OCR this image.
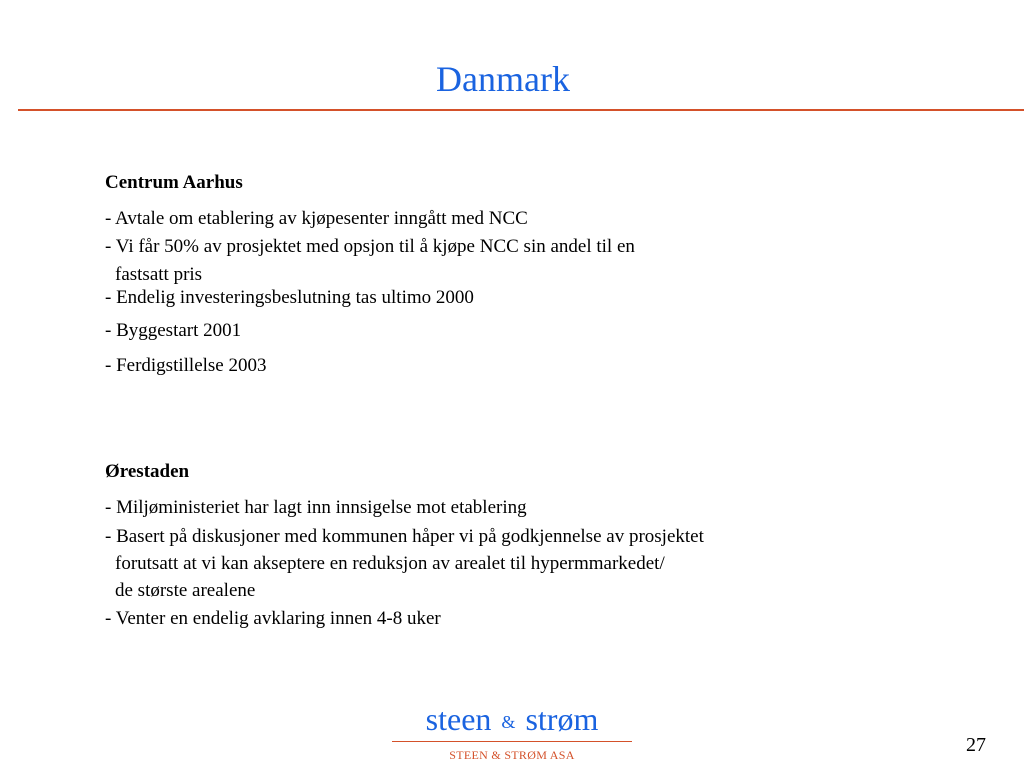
Danmark
Centrum Aarhus
- Avtale om etablering av kjøpesenter inngått med NCC
- Vi får 50% av prosjektet med opsjon til å kjøpe NCC sin andel til en
fastsatt pris
- Endelig investeringsbeslutning tas ultimo 2000
- Byggestart 2001
- Ferdigstillelse 2003
Ørestaden
- Miljøministeriet har lagt inn innsigelse mot etablering
- Basert på diskusjoner med kommunen håper vi på godkjennelse av prosjektet
forutsatt at vi kan akseptere en reduksjon av arealet til hypermmarkedet/
de største arealene
- Venter en endelig avklaring innen 4-8 uker
steen & strøm
STEEN & STRØM ASA	27
